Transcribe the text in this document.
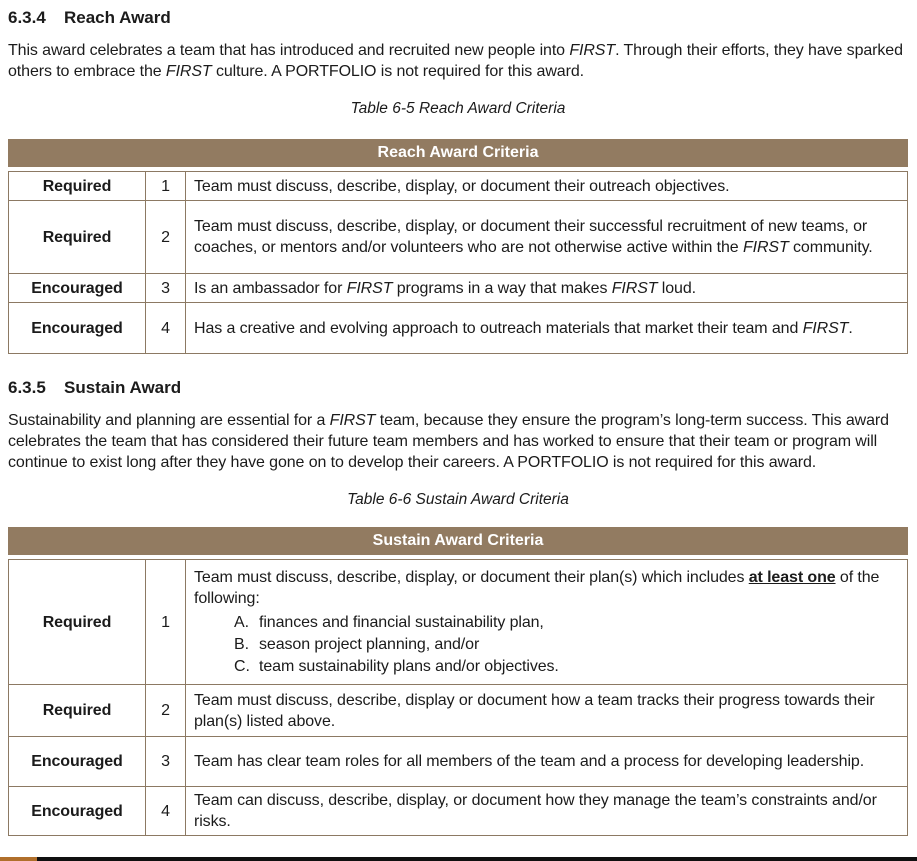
6.3.4 Reach Award

This award celebrates a team that has introduced and recruited new people into FIRST. Through their efforts, they have sparked others to embrace the FIRST culture. A PORTFOLIO is not required for this award.

Table 6-5 Reach Award Criteria

Reach Award Criteria
Required	1	Team must discuss, describe, display, or document their outreach objectives.

Required	2	Team must discuss, describe, display, or document their successful recruitment of new teams, or coaches, or mentors and/or volunteers who are not otherwise active within the FIRST community.

Encouraged	3	Is an ambassador for FIRST programs in a way that makes FIRST loud.

Encouraged	4	Has a creative and evolving approach to outreach materials that market their team and FIRST.
6.3.5 Sustain Award

Sustainability and planning are essential for a FIRST team, because they ensure the program’s long-term success. This award celebrates the team that has considered their future team members and has worked to ensure that their team or program will continue to exist long after they have gone on to develop their careers. A PORTFOLIO is not required for this award.

Table 6-6 Sustain Award Criteria

Sustain Award Criteria
Required	1	Team must discuss, describe, display, or document their plan(s) which includes at least one of the following:
A. finances and financial sustainability plan,
B. season project planning, and/or
C. team sustainability plans and/or objectives.

Required	2	Team must discuss, describe, display or document how a team tracks their progress towards their plan(s) listed above.

Encouraged	3	Team has clear team roles for all members of the team and a process for developing leadership.

Encouraged	4	Team can discuss, describe, display, or document how they manage the team’s constraints and/or risks.
